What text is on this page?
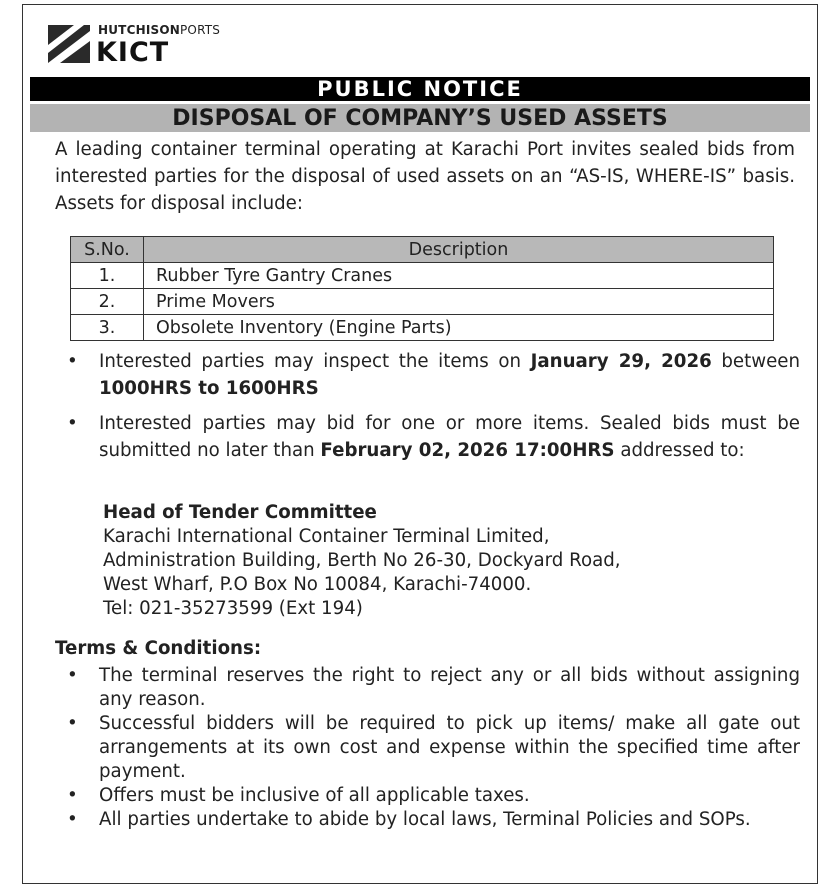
HUTCHISONPORTS
KICT
PUBLIC NOTICE
DISPOSAL OF COMPANY’S USED ASSETS
A leading container terminal operating at Karachi Port invites sealed bids from interested parties for the disposal of used assets on an “AS-IS, WHERE-IS” basis. Assets for disposal include:
S.No.	Description
1.	Rubber Tyre Gantry Cranes
2.	Prime Movers
3.	Obsolete Inventory (Engine Parts)
• Interested parties may inspect the items on January 29, 2026 between 1000HRS to 1600HRS
• Interested parties may bid for one or more items. Sealed bids must be submitted no later than February 02, 2026 17:00HRS addressed to:
Head of Tender Committee
Karachi International Container Terminal Limited,
Administration Building, Berth No 26-30, Dockyard Road,
West Wharf, P.O Box No 10084, Karachi-74000.
Tel: 021-35273599 (Ext 194)
Terms & Conditions:
• The terminal reserves the right to reject any or all bids without assigning any reason.
• Successful bidders will be required to pick up items/ make all gate out arrangements at its own cost and expense within the specified time after payment.
• Offers must be inclusive of all applicable taxes.
• All parties undertake to abide by local laws, Terminal Policies and SOPs.
